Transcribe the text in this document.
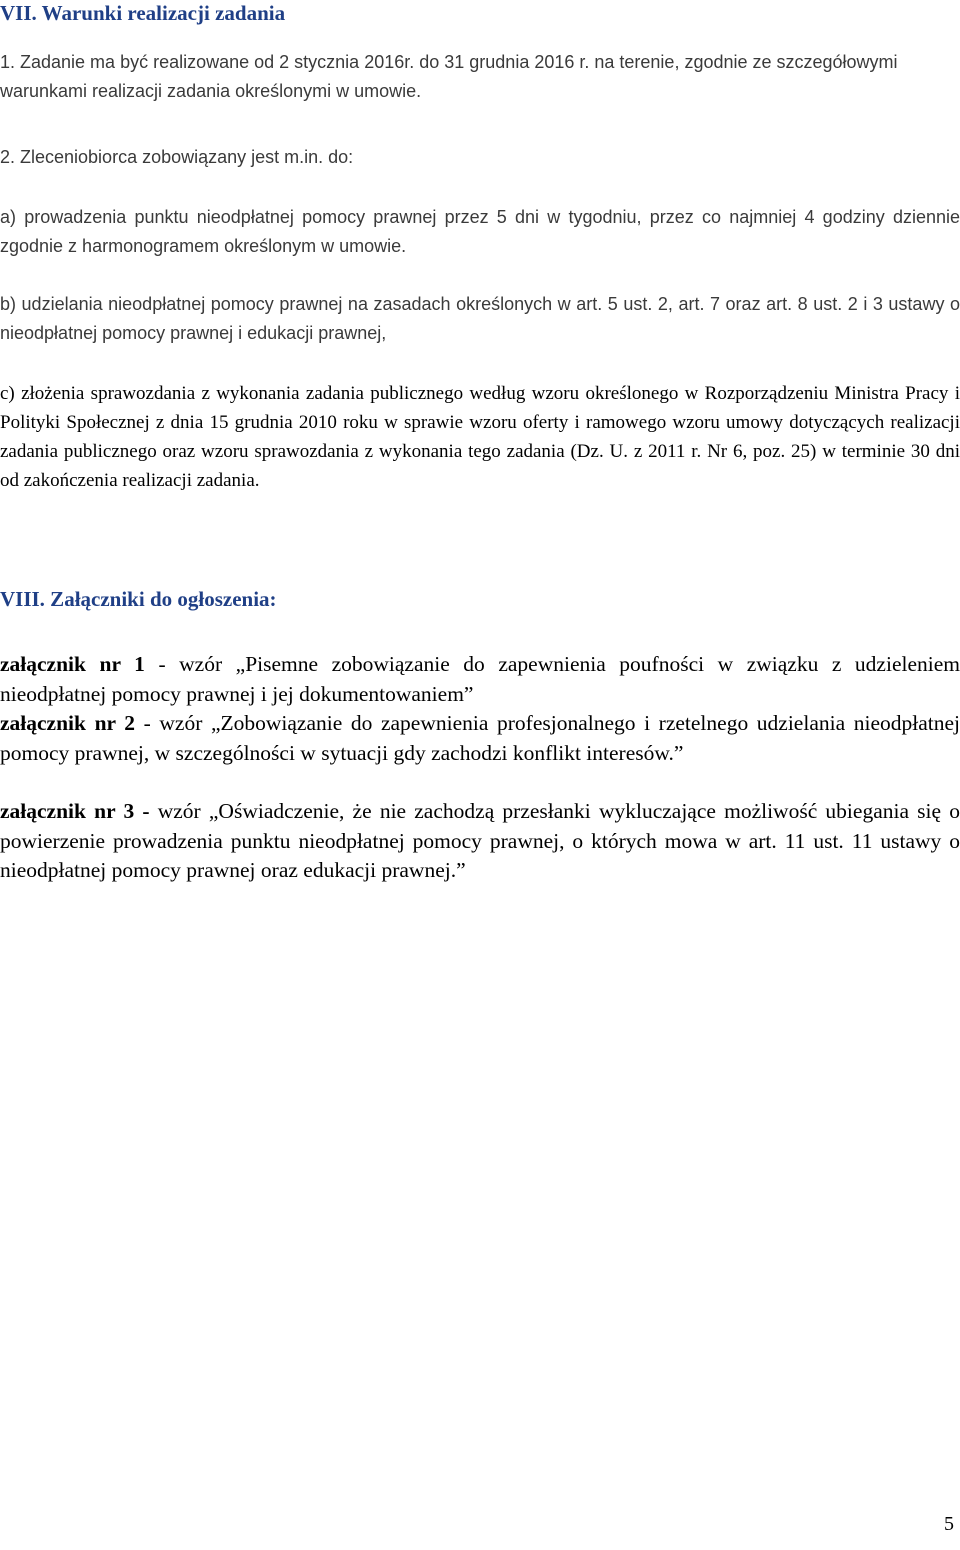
VII. Warunki realizacji zadania

1. Zadanie ma być realizowane od 2 stycznia 2016r. do 31 grudnia 2016 r. na terenie, zgodnie ze szczegółowymi warunkami realizacji zadania określonymi w umowie.

2. Zleceniobiorca zobowiązany jest m.in. do:

a) prowadzenia punktu nieodpłatnej pomocy prawnej przez 5 dni w tygodniu, przez co najmniej 4 godziny dziennie zgodnie z harmonogramem określonym w umowie.

b) udzielania nieodpłatnej pomocy prawnej na zasadach określonych w art. 5 ust. 2, art. 7 oraz art. 8 ust. 2 i 3 ustawy o nieodpłatnej pomocy prawnej i edukacji prawnej,

c) złożenia sprawozdania z wykonania zadania publicznego według wzoru określonego w Rozporządzeniu Ministra Pracy i Polityki Społecznej z dnia 15 grudnia 2010 roku w sprawie wzoru oferty i ramowego wzoru umowy dotyczących realizacji zadania publicznego oraz wzoru sprawozdania z wykonania tego zadania (Dz. U. z 2011 r. Nr 6, poz. 25) w terminie 30 dni od zakończenia realizacji zadania.

VIII. Załączniki do ogłoszenia:

załącznik nr 1 - wzór „Pisemne zobowiązanie do zapewnienia poufności w związku z udzieleniem nieodpłatnej pomocy prawnej i jej dokumentowaniem”

załącznik nr 2 - wzór „Zobowiązanie do zapewnienia profesjonalnego i rzetelnego udzielania nieodpłatnej pomocy prawnej, w szczególności w sytuacji gdy zachodzi konflikt interesów.”

załącznik nr 3 - wzór „Oświadczenie, że nie zachodzą przesłanki wykluczające możliwość ubiegania się o powierzenie prowadzenia punktu nieodpłatnej pomocy prawnej, o których mowa w art. 11 ust. 11 ustawy o nieodpłatnej pomocy prawnej oraz edukacji prawnej.”

5
